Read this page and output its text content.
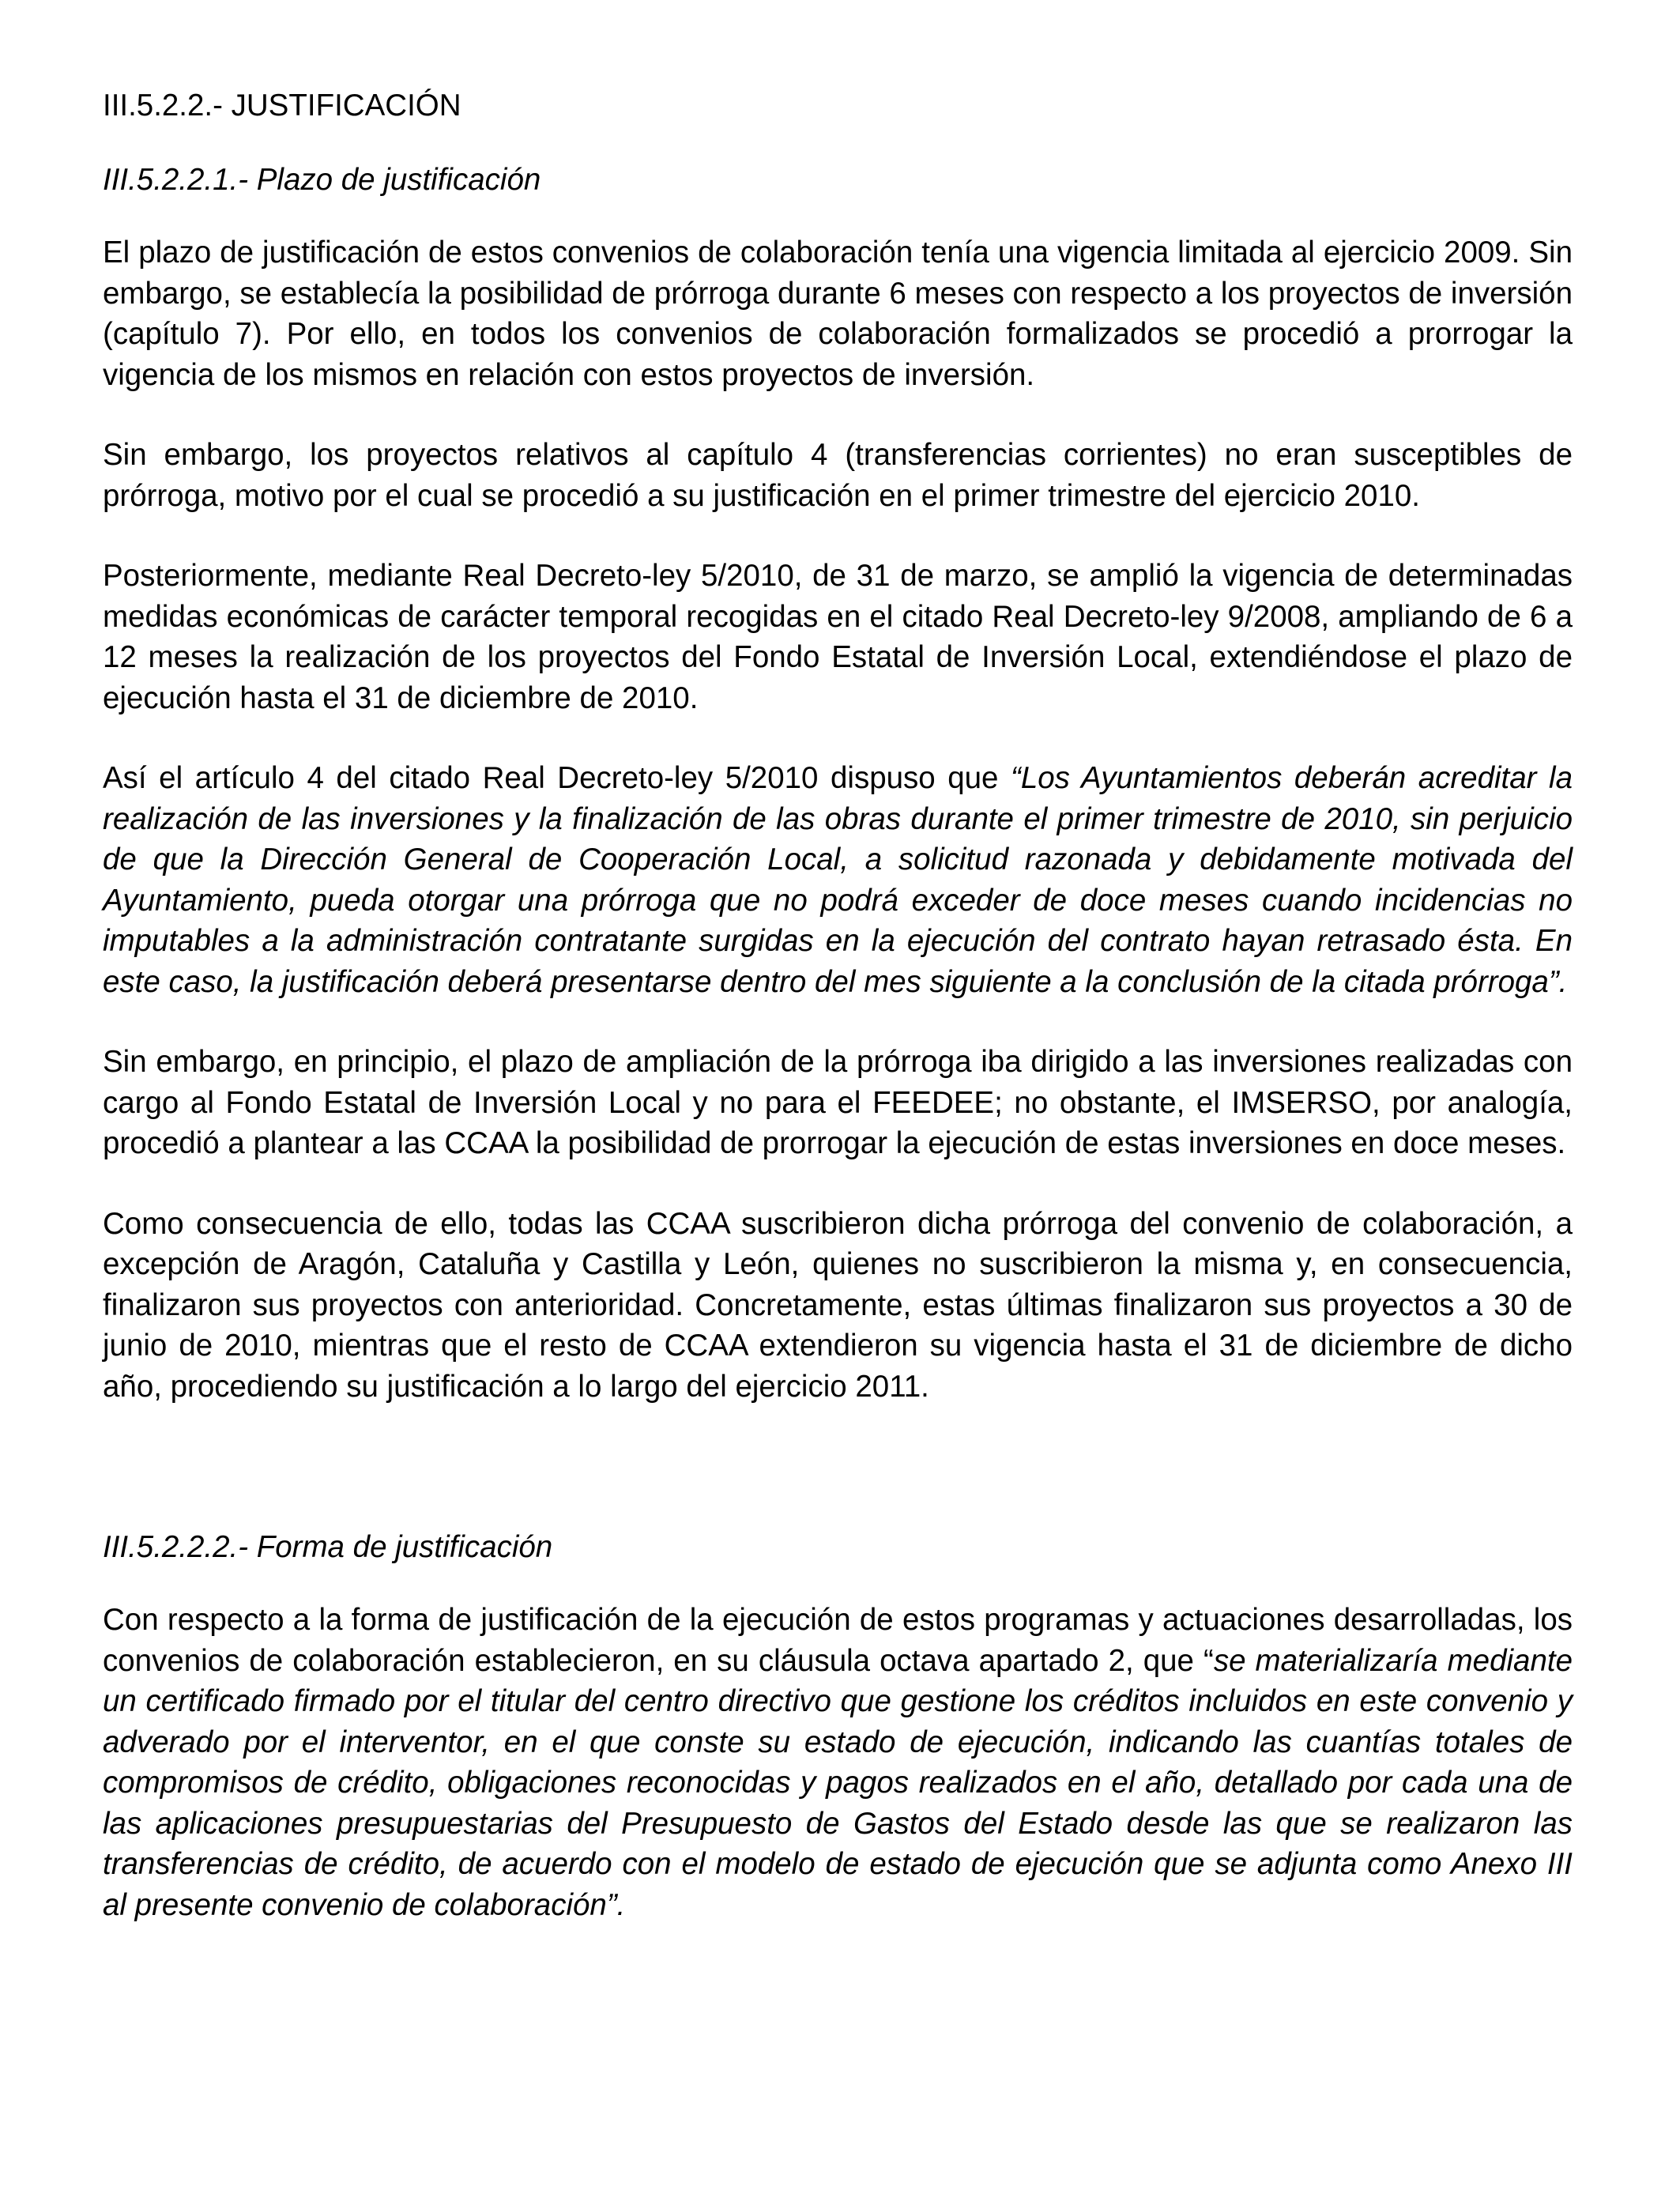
III.5.2.2.- JUSTIFICACIÓN
III.5.2.2.1.- Plazo de justificación

El plazo de justificación de estos convenios de colaboración tenía una vigencia limitada al ejercicio 2009. Sin embargo, se establecía la posibilidad de prórroga durante 6 meses con respecto a los proyectos de inversión (capítulo 7). Por ello, en todos los convenios de colaboración formalizados se procedió a prorrogar la vigencia de los mismos en relación con estos proyectos de inversión.

Sin embargo, los proyectos relativos al capítulo 4 (transferencias corrientes) no eran susceptibles de prórroga, motivo por el cual se procedió a su justificación en el primer trimestre del ejercicio 2010.

Posteriormente, mediante Real Decreto-ley 5/2010, de 31 de marzo, se amplió la vigencia de determinadas medidas económicas de carácter temporal recogidas en el citado Real Decreto-ley 9/2008, ampliando de 6 a 12 meses la realización de los proyectos del Fondo Estatal de Inversión Local, extendiéndose el plazo de ejecución hasta el 31 de diciembre de 2010.

Así el artículo 4 del citado Real Decreto-ley 5/2010 dispuso que “Los Ayuntamientos deberán acreditar la realización de las inversiones y la finalización de las obras durante el primer trimestre de 2010, sin perjuicio de que la Dirección General de Cooperación Local, a solicitud razonada y debidamente motivada del Ayuntamiento, pueda otorgar una prórroga que no podrá exceder de doce meses cuando incidencias no imputables a la administración contratante surgidas en la ejecución del contrato hayan retrasado ésta. En este caso, la justificación deberá presentarse dentro del mes siguiente a la conclusión de la citada prórroga”.

Sin embargo, en principio, el plazo de ampliación de la prórroga iba dirigido a las inversiones realizadas con cargo al Fondo Estatal de Inversión Local y no para el FEEDEE; no obstante, el IMSERSO, por analogía, procedió a plantear a las CCAA la posibilidad de prorrogar la ejecución de estas inversiones en doce meses.

Como consecuencia de ello, todas las CCAA suscribieron dicha prórroga del convenio de colaboración, a excepción de Aragón, Cataluña y Castilla y León, quienes no suscribieron la misma y, en consecuencia, finalizaron sus proyectos con anterioridad. Concretamente, estas últimas finalizaron sus proyectos a 30 de junio de 2010, mientras que el resto de CCAA extendieron su vigencia hasta el 31 de diciembre de dicho año, procediendo su justificación a lo largo del ejercicio 2011.

III.5.2.2.2.- Forma de justificación

Con respecto a la forma de justificación de la ejecución de estos programas y actuaciones desarrolladas, los convenios de colaboración establecieron, en su cláusula octava apartado 2, que “se materializaría mediante un certificado firmado por el titular del centro directivo que gestione los créditos incluidos en este convenio y adverado por el interventor, en el que conste su estado de ejecución, indicando las cuantías totales de compromisos de crédito, obligaciones reconocidas y pagos realizados en el año, detallado por cada una de las aplicaciones presupuestarias del Presupuesto de Gastos del Estado desde las que se realizaron las transferencias de crédito, de acuerdo con el modelo de estado de ejecución que se adjunta como Anexo III al presente convenio de colaboración”.
